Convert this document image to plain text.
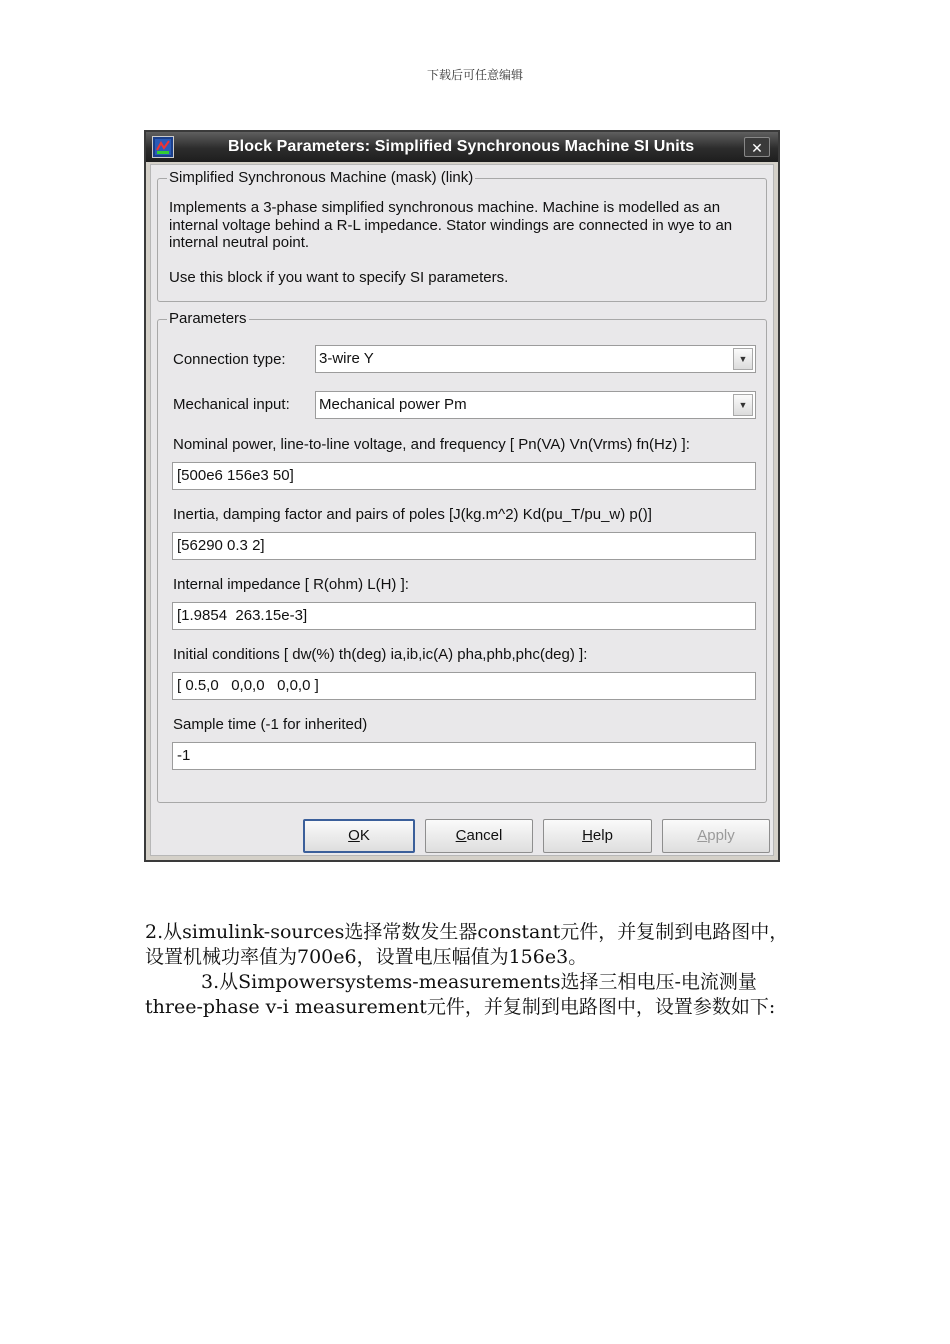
下载后可任意编辑
Block Parameters: Simplified Synchronous Machine SI Units	✕
Simplified Synchronous Machine (mask) (link)
Implements a 3-phase simplified synchronous machine. Machine is modelled as an internal voltage behind a R-L impedance. Stator windings are connected in wye to an internal neutral point.
Use this block if you want to specify SI parameters.
Parameters
Connection type: 3-wire Y	▼
Mechanical input: Mechanical power Pm	▼
Nominal power, line-to-line voltage, and frequency [ Pn(VA) Vn(Vrms) fn(Hz) ]:
[500e6 156e3 50]
Inertia, damping factor and pairs of poles [J(kg.m^2) Kd(pu_T/pu_w) p()]
[56290 0.3 2]
Internal impedance [ R(ohm) L(H) ]:
[1.9854  263.15e-3]
Initial conditions [ dw(%) th(deg) ia,ib,ic(A) pha,phb,phc(deg) ]:
[ 0.5,0   0,0,0   0,0,0 ]
Sample time (-1 for inherited)
-1
OK	Cancel	Help	Apply
2.从simulink-sources选择常数发生器constant元件，并复制到电路图中，设置机械功率值为700e6，设置电压幅值为156e3。
3.从Simpowersystems-measurements选择三相电压-电流测量
three-phase v-i measurement元件，并复制到电路图中，设置参数如下:
